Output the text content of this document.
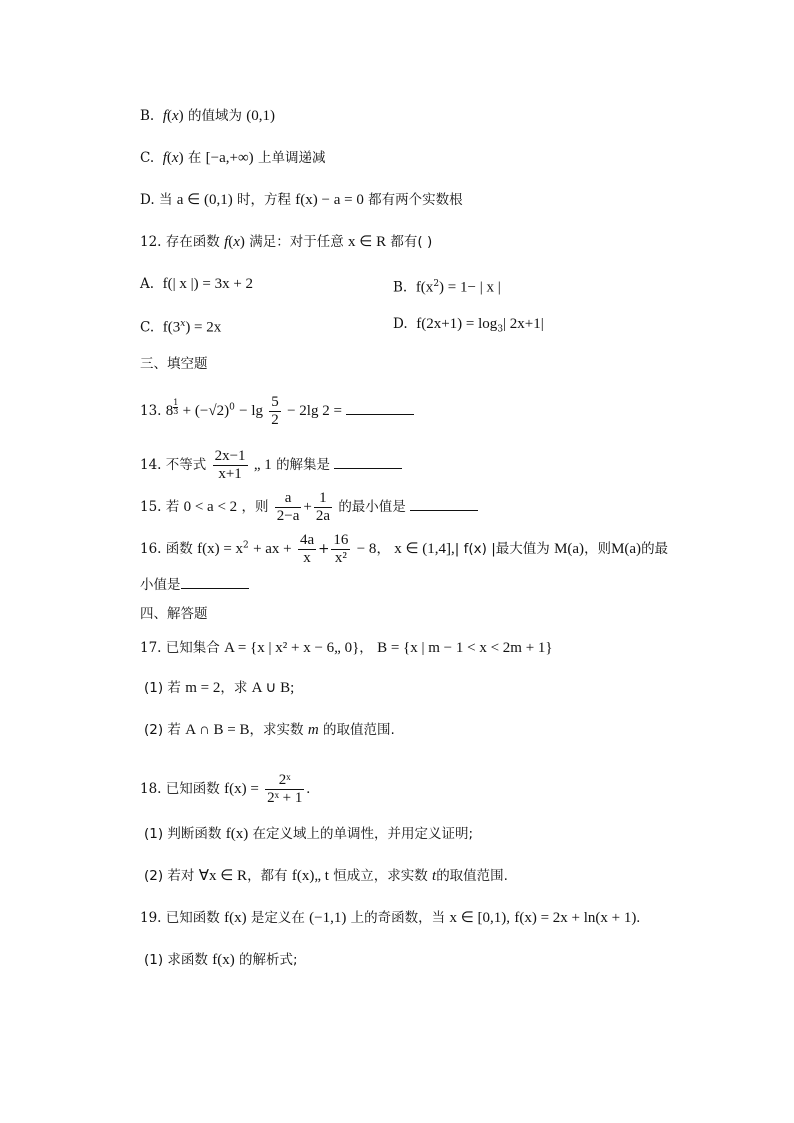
B. f(x) 的值域为 (0,1)
C. f(x) 在 [−a,+∞) 上单调递减
D. 当 a ∈ (0,1) 时，方程 f(x) − a = 0 都有两个实数根
12. 存在函数 f(x) 满足：对于任意 x ∈ R 都有( )
A. f(| x |) = 3x + 2	B. $f(x^2) = 1-$ | x |
C. $f(3^x) = 2x$	D. $f(2x+1) = \log_3|$ 2x+1|
三、填空题
13. 8 $^{\frac{1}{3}} + (-√2)^0 - \lg \frac{5}{2} - 2\lg$ 2 =
14. 不等式 $\frac{2x-1}{x+1}$ „ 1 的解集是
15. 若 0 < a < 2 ，则 $\frac{a}{2-a} + \frac{1}{2a}$ 的最小值是
16. 函数 $f(x) = x^2$ + ax + $\frac{4a}{x} + \frac{16}{\text{x²}} - 8$， x ∈ (1,4],| f(x) |最大值为 M(a)，则M(a)的最
小值是
四、解答题
17. 已知集合 A = {x | x² + x − 6„ 0}， B = {x | m − 1 < x < 2m + 1}
(1) 若 m = 2，求 A ∪ B;
(2) 若 A ∩ B = B，求实数 m 的取值范围.
18. 已知函数 $f(x) = \frac{\text{2ˣ}}{\text{2ˣ + 1}}$ .
(1) 判断函数 f(x) 在定义域上的单调性，并用定义证明;
(2) 若对 ∀x ∈ R，都有 f(x)„ t 恒成立，求实数 t的取值范围.
19. 已知函数 f(x) 是定义在 (−1,1) 上的奇函数，当 x ∈ [0,1), f(x) = 2x + ln(x + 1).
(1) 求函数 f(x) 的解析式;
